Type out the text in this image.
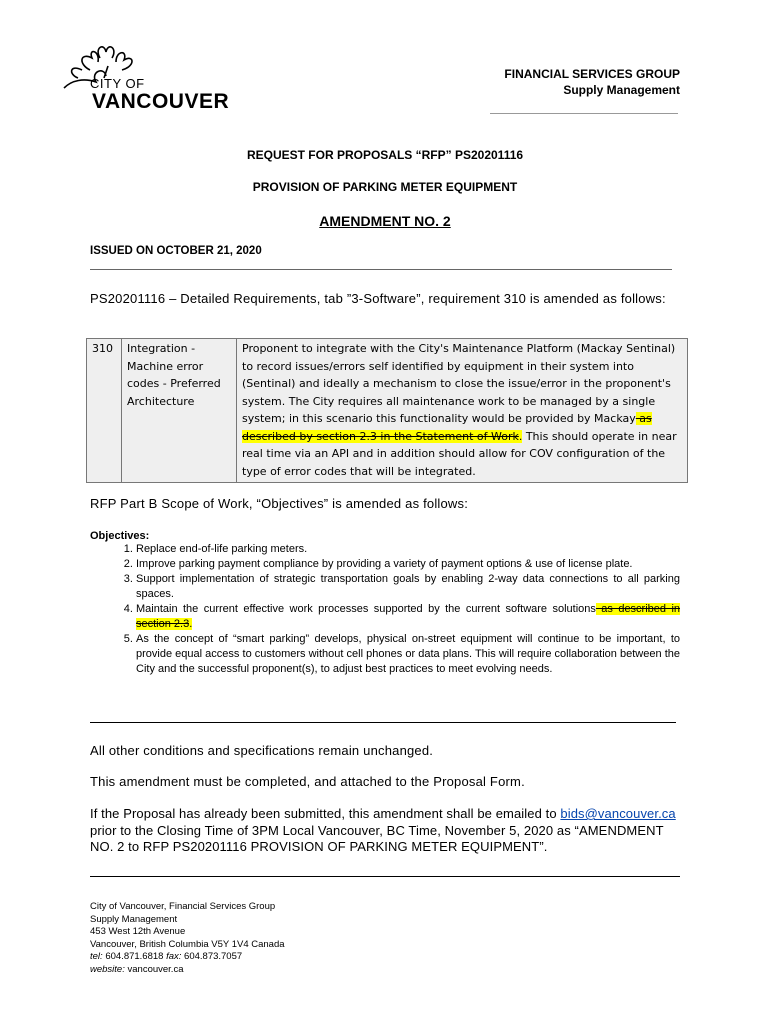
CITY OF
VANCOUVER
FINANCIAL SERVICES GROUP
Supply Management
REQUEST FOR PROPOSALS “RFP” PS20201116
PROVISION OF PARKING METER EQUIPMENT
AMENDMENT NO. 2
ISSUED ON OCTOBER 21, 2020
PS20201116 – Detailed Requirements, tab ”3-Software”, requirement 310 is amended as follows:
310	Integration - Machine error codes - Preferred Architecture	Proponent to integrate with the City's Maintenance Platform (Mackay Sentinal) to record issues/errors self identified by equipment in their system into (Sentinal) and ideally a mechanism to close the issue/error in the proponent's system. The City requires all maintenance work to be managed by a single system; in this scenario this functionality would be provided by Mackay as described by section 2.3 in the Statement of Work. This should operate in near real time via an API and in addition should allow for COV configuration of the type of error codes that will be integrated.
RFP Part B Scope of Work, “Objectives” is amended as follows:
Objectives:
1. Replace end-of-life parking meters.
2. Improve parking payment compliance by providing a variety of payment options & use of license plate.
3. Support implementation of strategic transportation goals by enabling 2-way data connections to all parking spaces.
4. Maintain the current effective work processes supported by the current software solutions as described in section 2.3.
5. As the concept of “smart parking” develops, physical on-street equipment will continue to be important, to provide equal access to customers without cell phones or data plans. This will require collaboration between the City and the successful proponent(s), to adjust best practices to meet evolving needs.
All other conditions and specifications remain unchanged.
This amendment must be completed, and attached to the Proposal Form.
If the Proposal has already been submitted, this amendment shall be emailed to bids@vancouver.ca prior to the Closing Time of 3PM Local Vancouver, BC Time, November 5, 2020 as “AMENDMENT NO. 2 to RFP PS20201116 PROVISION OF PARKING METER EQUIPMENT”.
City of Vancouver, Financial Services Group
Supply Management
453 West 12th Avenue
Vancouver, British Columbia V5Y 1V4 Canada
tel: 604.871.6818 fax: 604.873.7057
website: vancouver.ca
